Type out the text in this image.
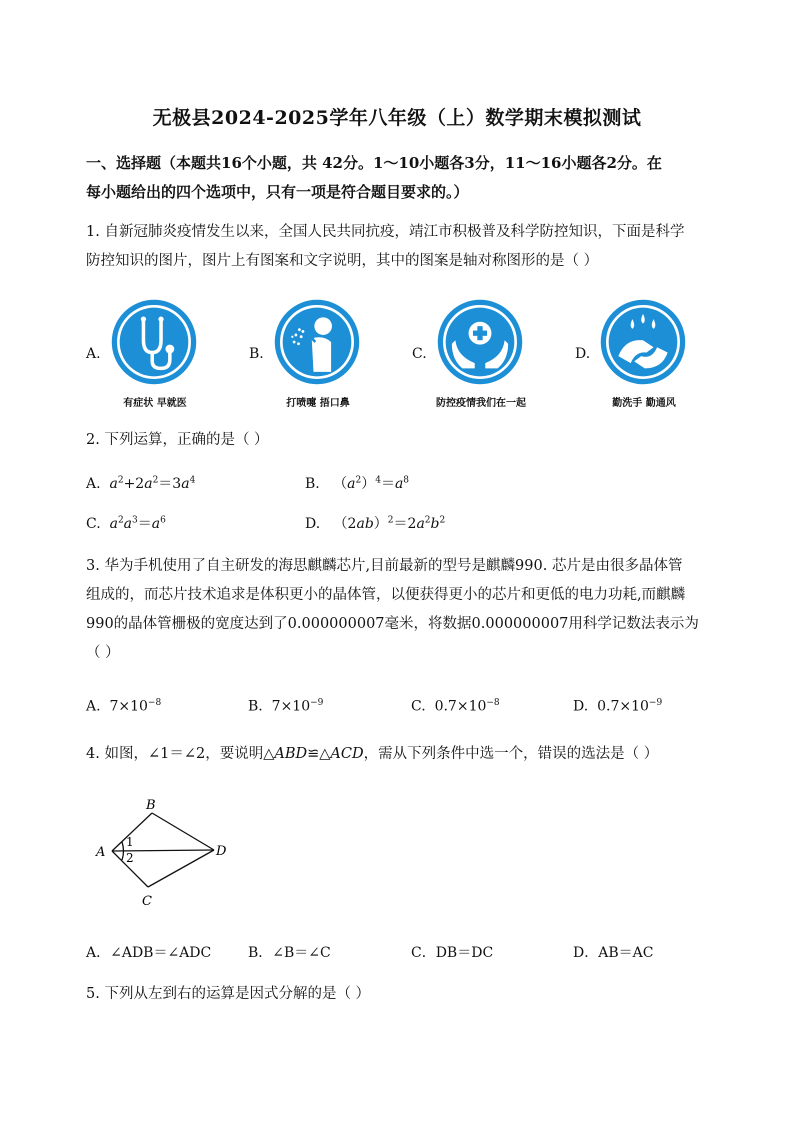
无极县2024-2025学年八年级（上）数学期末模拟测试
一、选择题（本题共16个小题，共 42分。1～10小题各3分，11～16小题各2分。在
每小题给出的四个选项中，只有一项是符合题目要求的。）
1. 自新冠肺炎疫情发生以来，全国人民共同抗疫，靖江市积极普及科学防控知识，下面是科学
防控知识的图片，图片上有图案和文字说明，其中的图案是轴对称图形的是（ ）
A.
有症状 早就医
B.
打喷嚏 捂口鼻
C.
防控疫情我们在一起
D.
勤洗手 勤通风
2. 下列运算，正确的是（ ）
A. $a^2+2a^2=3a^4$	B. $(a^2)^4=a^8$
C. $a^2a^3=a^6$	D. $(2ab)^2=2a^2b^2$
3. 华为手机使用了自主研发的海思麒麟芯片,目前最新的型号是麒麟990. 芯片是由很多晶体管
组成的，而芯片技术追求是体积更小的晶体管，以便获得更小的芯片和更低的电力功耗,而麒麟
990的晶体管栅极的宽度达到了0.000000007毫米，将数据0.000000007用科学记数法表示为
（ ）
A. $7\times 10^{-8}$	B. $7\times 10^{-9}$	C. $0.7\times 10^{-8}$	D. $0.7\times 10^{-9}$
4. 如图，∠1＝∠2，要说明△ABD≌△ACD，需从下列条件中选一个，错误的选法是（ ）
B
A	D
C
1
2
A．∠ADB＝∠ADC	B．∠B＝∠C	C．DB＝DC	D．AB＝AC
5. 下列从左到右的运算是因式分解的是（ ）
